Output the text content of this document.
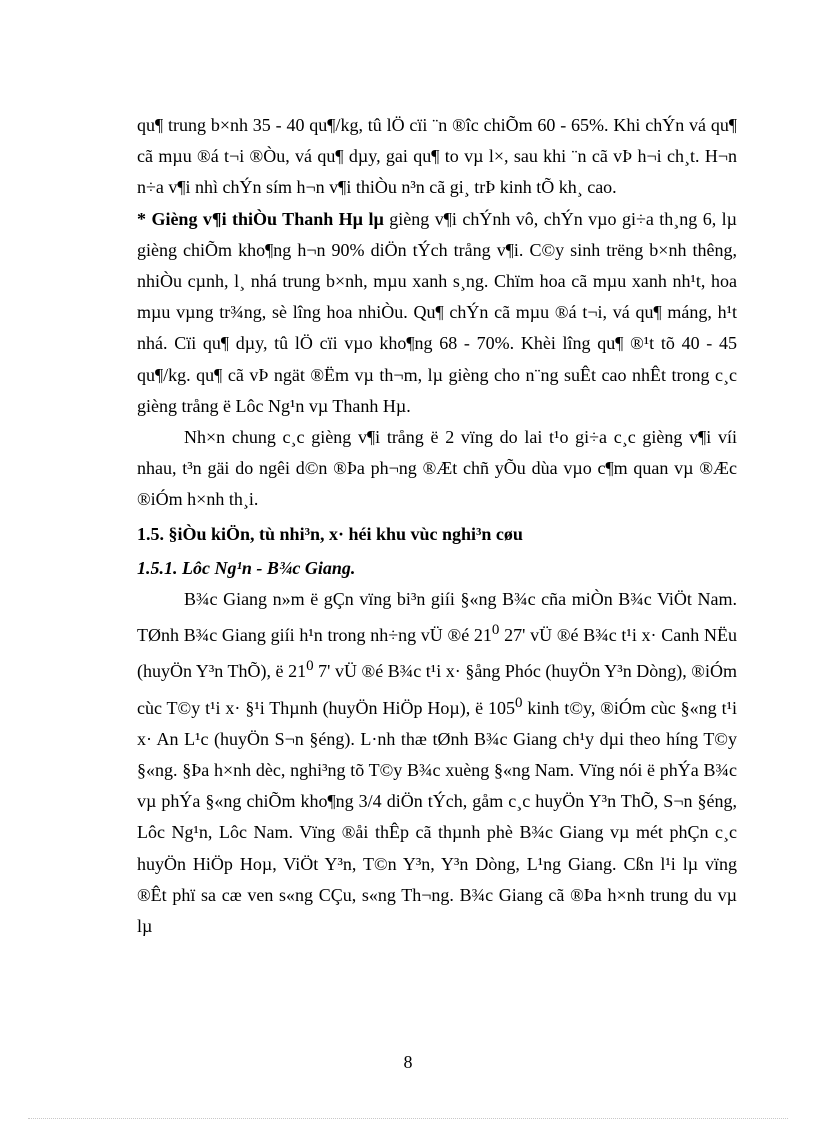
qu¶ trung b×nh 35 - 40 qu¶/kg, tû lÖ cïi ¨n ®îc chiÕm 60 - 65%. Khi chÝn vá qu¶ cã mµu ®á t¬i ®Òu, vá qu¶ dµy, gai qu¶ to vµ l×, sau khi ¨n cã vÞ h¬i ch¸t. H¬n n÷a v¶i nhì chÝn sím h¬n v¶i thiÒu n³n cã gi¸ trÞ kinh tÕ kh¸ cao.

* Gièng v¶i thiÒu Thanh Hµ lµ gièng v¶i chÝnh vô, chÝn vµo gi÷a th¸ng 6, lµ gièng chiÕm kho¶ng h¬n 90% diÖn tÝch trång v¶i. C©y sinh trëng b×nh thêng, nhiÒu cµnh, l¸ nhá trung b×nh, mµu xanh s¸ng. Chïm hoa cã mµu xanh nh¹t, hoa mµu vµng tr¾ng, sè lîng hoa nhiÒu. Qu¶ chÝn cã mµu ®á t¬i, vá qu¶ máng, h¹t nhá. Cïi qu¶ dµy, tû lÖ cïi vµo kho¶ng 68 - 70%. Khèi lîng qu¶ ®¹t tõ 40 - 45 qu¶/kg. qu¶ cã vÞ ngät ®Ëm vµ th¬m, lµ gièng cho n¨ng suÊt cao nhÊt trong c¸c gièng trång ë Lôc Ng¹n vµ Thanh Hµ.

Nh×n chung c¸c gièng v¶i trång ë 2 vïng do lai t¹o gi÷a c¸c gièng v¶i víi nhau, t³n gäi do ngêi d©n ®Þa ph¬ng ®Æt chñ yÕu dùa vµo c¶m quan vµ ®Æc ®iÓm h×nh th¸i.

1.5. §iÒu kiÖn, tù nhi³n, x· héi khu vùc nghi³n cøu

1.5.1. Lôc Ng¹n - B¾c Giang.

B¾c Giang n»m ë gÇn vïng bi³n giíi §«ng B¾c cña miÒn B¾c ViÖt Nam. TØnh B¾c Giang giíi h¹n trong nh÷ng vÜ ®é $21^0$ 27' vÜ ®é B¾c t¹i x· Canh NËu (huyÖn Y³n ThÕ), ë $21^0$ 7' vÜ ®é B¾c t¹i x· §ång Phóc (huyÖn Y³n Dòng), ®iÓm cùc T©y t¹i x· §¹i Thµnh (huyÖn HiÖp Hoµ), ë $105^0$ kinh t©y, ®iÓm cùc §«ng t¹i x· An L¹c (huyÖn S¬n §éng). L·nh thæ tØnh B¾c Giang ch¹y dµi theo híng T©y §«ng. §Þa h×nh dèc, nghi³ng tõ T©y B¾c xuèng §«ng Nam. Vïng nói ë phÝa B¾c vµ phÝa §«ng chiÕm kho¶ng 3/4 diÖn tÝch, gåm c¸c huyÖn Y³n ThÕ, S¬n §éng, Lôc Ng¹n, Lôc Nam. Vïng ®åi thÊp cã thµnh phè B¾c Giang vµ mét phÇn c¸c huyÖn HiÖp Hoµ, ViÖt Y³n, T©n Y³n, Y³n Dòng, L¹ng Giang. Cßn l¹i lµ vïng ®Êt phï sa cæ ven s«ng CÇu, s«ng Th¬ng. B¾c Giang cã ®Þa h×nh trung du vµ lµ

8
